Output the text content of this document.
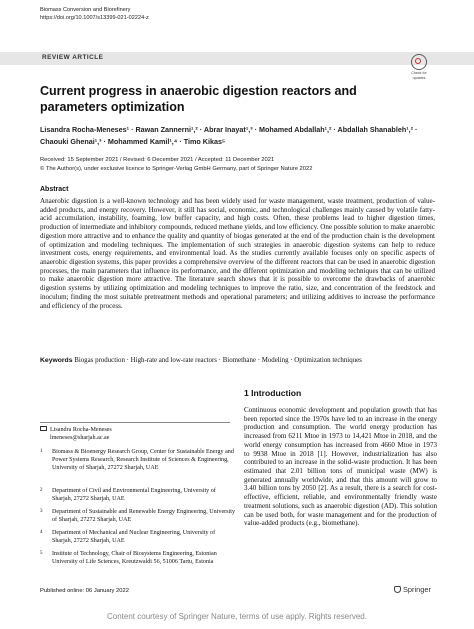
Biomass Conversion and Biorefinery
https://doi.org/10.1007/s13399-021-02224-z
REVIEW ARTICLE
Check for updates
Current progress in anaerobic digestion reactors and parameters optimization
Lisandra Rocha-Meneses¹ · Rawan Zannerni¹,² · Abrar Inayat¹,³ · Mohamed Abdallah¹,² · Abdallah Shanableh¹,² ·
Chaouki Ghenai¹,³ · Mohammed Kamil¹,⁴ · Timo Kikas⁵
Received: 15 September 2021 / Revised: 6 December 2021 / Accepted: 11 December 2021
© The Author(s), under exclusive licence to Springer-Verlag GmbH Germany, part of Springer Nature 2022
Abstract
Anaerobic digestion is a well-known technology and has been widely used for waste management, waste treatment, production of value-added products, and energy recovery. However, it still has social, economic, and technological challenges mainly caused by volatile fatty-acid accumulation, instability, foaming, low buffer capacity, and high costs. Often, these problems lead to higher digestion times, production of intermediate and inhibitory compounds, reduced methane yields, and low efficiency. One possible solution to make anaerobic digestion more attractive and to enhance the quality and quantity of biogas generated at the end of the production chain is the development of optimization and modeling techniques. The implementation of such strategies in anaerobic digestion systems can help to reduce investment costs, energy requirements, and environmental load. As the studies currently available focuses only on specific aspects of anaerobic digestion systems, this paper provides a comprehensive overview of the different reactors that can be used in anaerobic digestion processes, the main parameters that influence its performance, and the different optimization and modeling techniques that can be utilized to make anaerobic digestion more attractive. The literature search shows that it is possible to overcome the drawbacks of anaerobic digestion systems by utilizing optimization and modeling techniques to improve the ratio, size, and concentration of the feedstock and inoculum; finding the most suitable pretreatment methods and operational parameters; and utilizing additives to increase the performance and efficiency of the process.
Keywords Biogas production · High-rate and low-rate reactors · Biomethane · Modeling · Optimization techniques
1 Introduction
Continuous economic development and population growth that has been reported since the 1970s have led to an increase in the energy production and consumption. The world energy production has increased from 6211 Mtoe in 1973 to 14,421 Mtoe in 2018, and the world energy consumption has increased from 4660 Mtoe in 1973 to 9938 Mtoe in 2018 [1]. However, industrialization has also contributed to an increase in the solid-waste production. It has been estimated that 2.01 billion tons of municipal waste (MW) is generated annually worldwide, and that this amount will grow to 3.40 billion tons by 2050 [2]. As a result, there is a search for cost-effective, efficient, reliable, and environmentally friendly waste treatment solutions, such as anaerobic digestion (AD). This solution can be used both, for waste management and for the production of value-added products (e.g., biomethane).
Lisandra Rocha-Meneses
lmeneses@sharjah.ac.ae
1 Biomass & Bioenergy Research Group, Center for Sustainable Energy and Power Systems Research, Research Institute of Sciences & Engineering, University of Sharjah, 27272 Sharjah, UAE
2 Department of Civil and Environmental Engineering, University of Sharjah, 27272 Sharjah, UAE
3 Department of Sustainable and Renewable Energy Engineering, University of Sharjah, 27272 Sharjah, UAE
4 Department of Mechanical and Nuclear Engineering, University of Sharjah, 27272 Sharjah, UAE
5 Institute of Technology, Chair of Biosystems Engineering, Estonian University of Life Sciences, Kreutzwaldi 56, 51006 Tartu, Estonia
Published online: 06 January 2022	Springer
Content courtesy of Springer Nature, terms of use apply. Rights reserved.
